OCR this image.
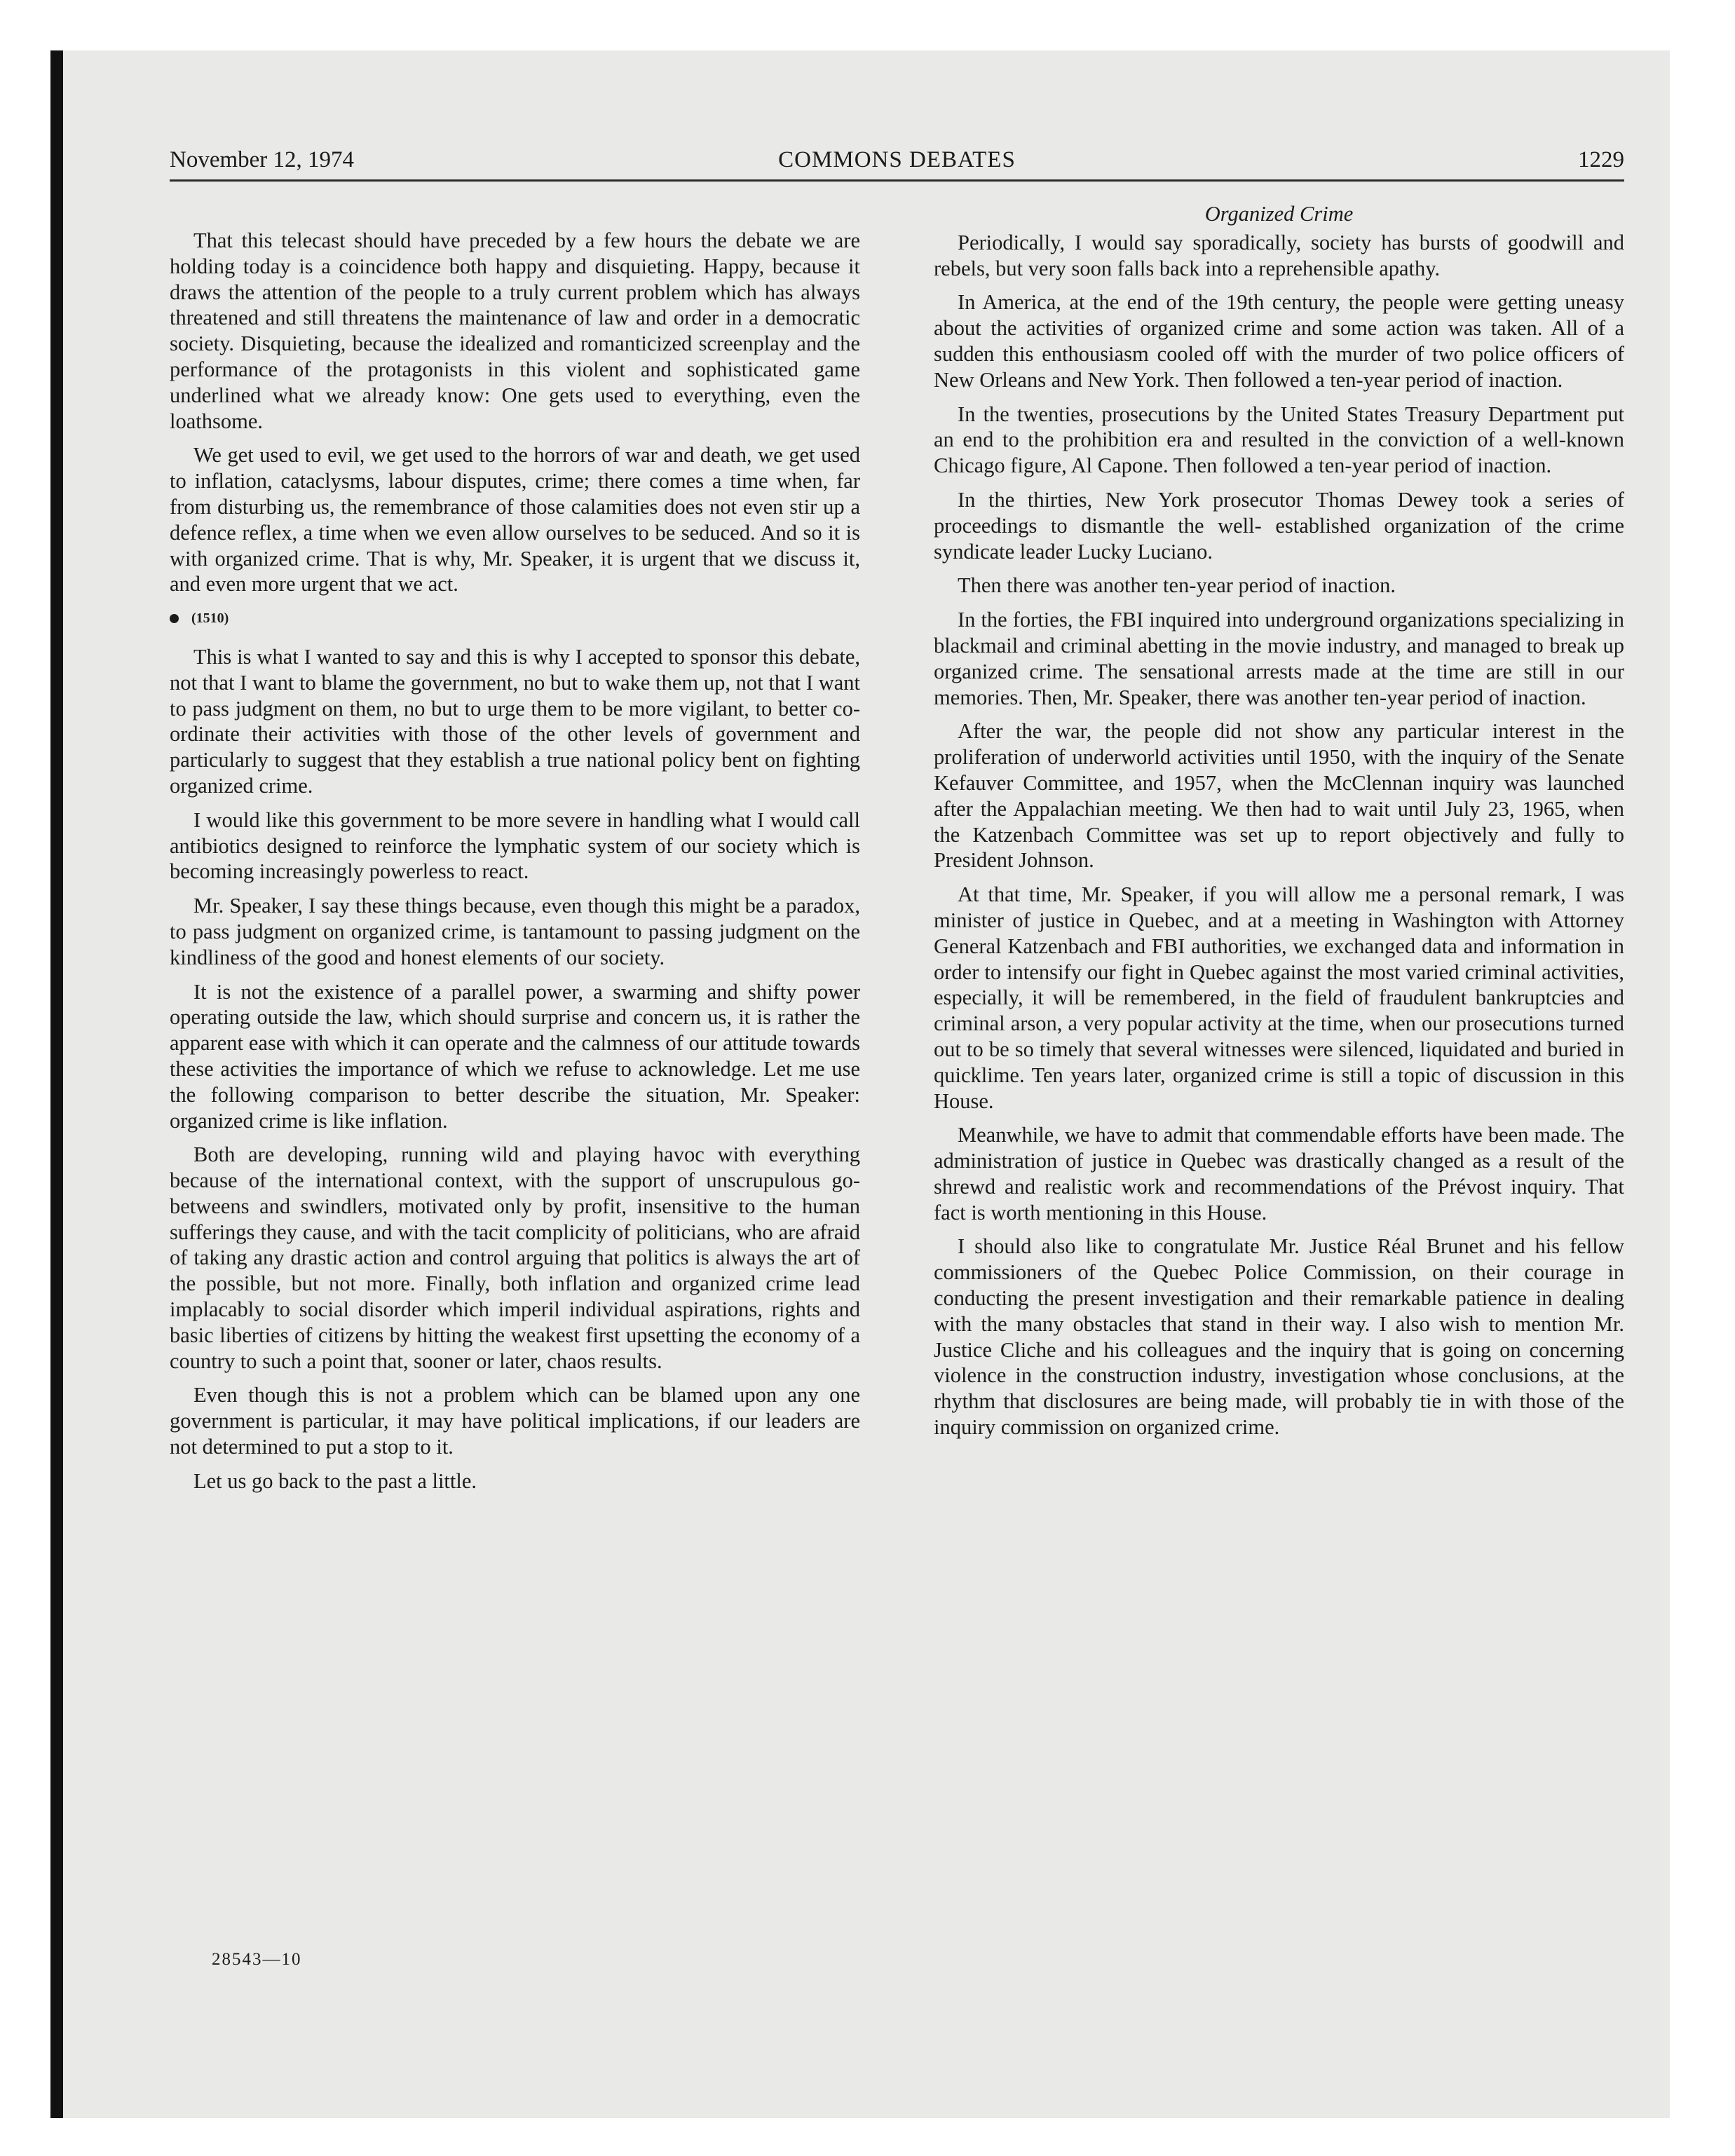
November 12, 1974	COMMONS DEBATES	1229

That this telecast should have preceded by a few hours the debate we are holding today is a coincidence both happy and disquieting. Happy, because it draws the attention of the people to a truly current problem which has always threatened and still threatens the maintenance of law and order in a democratic society. Disquieting, because the idealized and romanticized screenplay and the performance of the protagonists in this violent and sophisticated game underlined what we already know: One gets used to everything, even the loathsome.

We get used to evil, we get used to the horrors of war and death, we get used to inflation, cataclysms, labour disputes, crime; there comes a time when, far from disturbing us, the remembrance of those calamities does not even stir up a defence reflex, a time when we even allow ourselves to be seduced. And so it is with organized crime. That is why, Mr. Speaker, it is urgent that we discuss it, and even more urgent that we act.

(1510)

This is what I wanted to say and this is why I accepted to sponsor this debate, not that I want to blame the government, no but to wake them up, not that I want to pass judgment on them, no but to urge them to be more vigilant, to better co-ordinate their activities with those of the other levels of government and particularly to suggest that they establish a true national policy bent on fighting organized crime.

I would like this government to be more severe in handling what I would call antibiotics designed to reinforce the lymphatic system of our society which is becoming increasingly powerless to react.

Mr. Speaker, I say these things because, even though this might be a paradox, to pass judgment on organized crime, is tantamount to passing judgment on the kindliness of the good and honest elements of our society.

It is not the existence of a parallel power, a swarming and shifty power operating outside the law, which should surprise and concern us, it is rather the apparent ease with which it can operate and the calmness of our attitude towards these activities the importance of which we refuse to acknowledge. Let me use the following comparison to better describe the situation, Mr. Speaker: organized crime is like inflation.

Both are developing, running wild and playing havoc with everything because of the international context, with the support of unscrupulous go-betweens and swindlers, motivated only by profit, insensitive to the human sufferings they cause, and with the tacit complicity of politicians, who are afraid of taking any drastic action and control arguing that politics is always the art of the possible, but not more. Finally, both inflation and organized crime lead implacably to social disorder which imperil individual aspirations, rights and basic liberties of citizens by hitting the weakest first upsetting the economy of a country to such a point that, sooner or later, chaos results.

Even though this is not a problem which can be blamed upon any one government is particular, it may have political implications, if our leaders are not determined to put a stop to it.

Let us go back to the past a little.

Organized Crime

Periodically, I would say sporadically, society has bursts of goodwill and rebels, but very soon falls back into a reprehensible apathy.

In America, at the end of the 19th century, the people were getting uneasy about the activities of organized crime and some action was taken. All of a sudden this enthousiasm cooled off with the murder of two police officers of New Orleans and New York. Then followed a ten-year period of inaction.

In the twenties, prosecutions by the United States Treasury Department put an end to the prohibition era and resulted in the conviction of a well-known Chicago figure, Al Capone. Then followed a ten-year period of inaction.

In the thirties, New York prosecutor Thomas Dewey took a series of proceedings to dismantle the well- established organization of the crime syndicate leader Lucky Luciano.

Then there was another ten-year period of inaction.

In the forties, the FBI inquired into underground organizations specializing in blackmail and criminal abetting in the movie industry, and managed to break up organized crime. The sensational arrests made at the time are still in our memories. Then, Mr. Speaker, there was another ten-year period of inaction.

After the war, the people did not show any particular interest in the proliferation of underworld activities until 1950, with the inquiry of the Senate Kefauver Committee, and 1957, when the McClennan inquiry was launched after the Appalachian meeting. We then had to wait until July 23, 1965, when the Katzenbach Committee was set up to report objectively and fully to President Johnson.

At that time, Mr. Speaker, if you will allow me a personal remark, I was minister of justice in Quebec, and at a meeting in Washington with Attorney General Katzenbach and FBI authorities, we exchanged data and information in order to intensify our fight in Quebec against the most varied criminal activities, especially, it will be remembered, in the field of fraudulent bankruptcies and criminal arson, a very popular activity at the time, when our prosecutions turned out to be so timely that several witnesses were silenced, liquidated and buried in quicklime. Ten years later, organized crime is still a topic of discussion in this House.

Meanwhile, we have to admit that commendable efforts have been made. The administration of justice in Quebec was drastically changed as a result of the shrewd and realistic work and recommendations of the Prévost inquiry. That fact is worth mentioning in this House.

I should also like to congratulate Mr. Justice Réal Brunet and his fellow commissioners of the Quebec Police Commission, on their courage in conducting the present investigation and their remarkable patience in dealing with the many obstacles that stand in their way. I also wish to mention Mr. Justice Cliche and his colleagues and the inquiry that is going on concerning violence in the construction industry, investigation whose conclusions, at the rhythm that disclosures are being made, will probably tie in with those of the inquiry commission on organized crime.

28543—10
